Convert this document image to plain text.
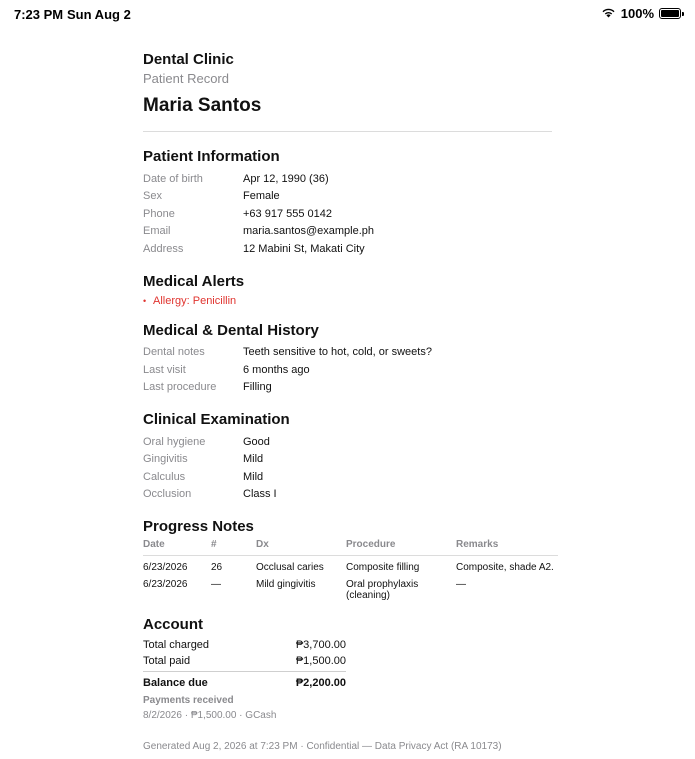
7:23 PM Sun Aug 2	100%
Dental Clinic
Patient Record
Maria Santos
Patient Information
Date of birth	Apr 12, 1990 (36)
Sex	Female
Phone	+63 917 555 0142
Email	maria.santos@example.ph
Address	12 Mabini St, Makati City
Medical Alerts
• Allergy: Penicillin
Medical & Dental History
Dental notes	Teeth sensitive to hot, cold, or sweets?
Last visit	6 months ago
Last procedure	Filling
Clinical Examination
Oral hygiene	Good
Gingivitis	Mild
Calculus	Mild
Occlusion	Class I
Progress Notes
Date	#	Dx	Procedure	Remarks
6/23/2026	26	Occlusal caries	Composite filling	Composite, shade A2.
6/23/2026	—	Mild gingivitis	Oral prophylaxis (cleaning)	—
Account
Total charged	₱3,700.00
Total paid	₱1,500.00
Balance due	₱2,200.00
Payments received
8/2/2026 · ₱1,500.00 · GCash
Generated Aug 2, 2026 at 7:23 PM · Confidential — Data Privacy Act (RA 10173)
